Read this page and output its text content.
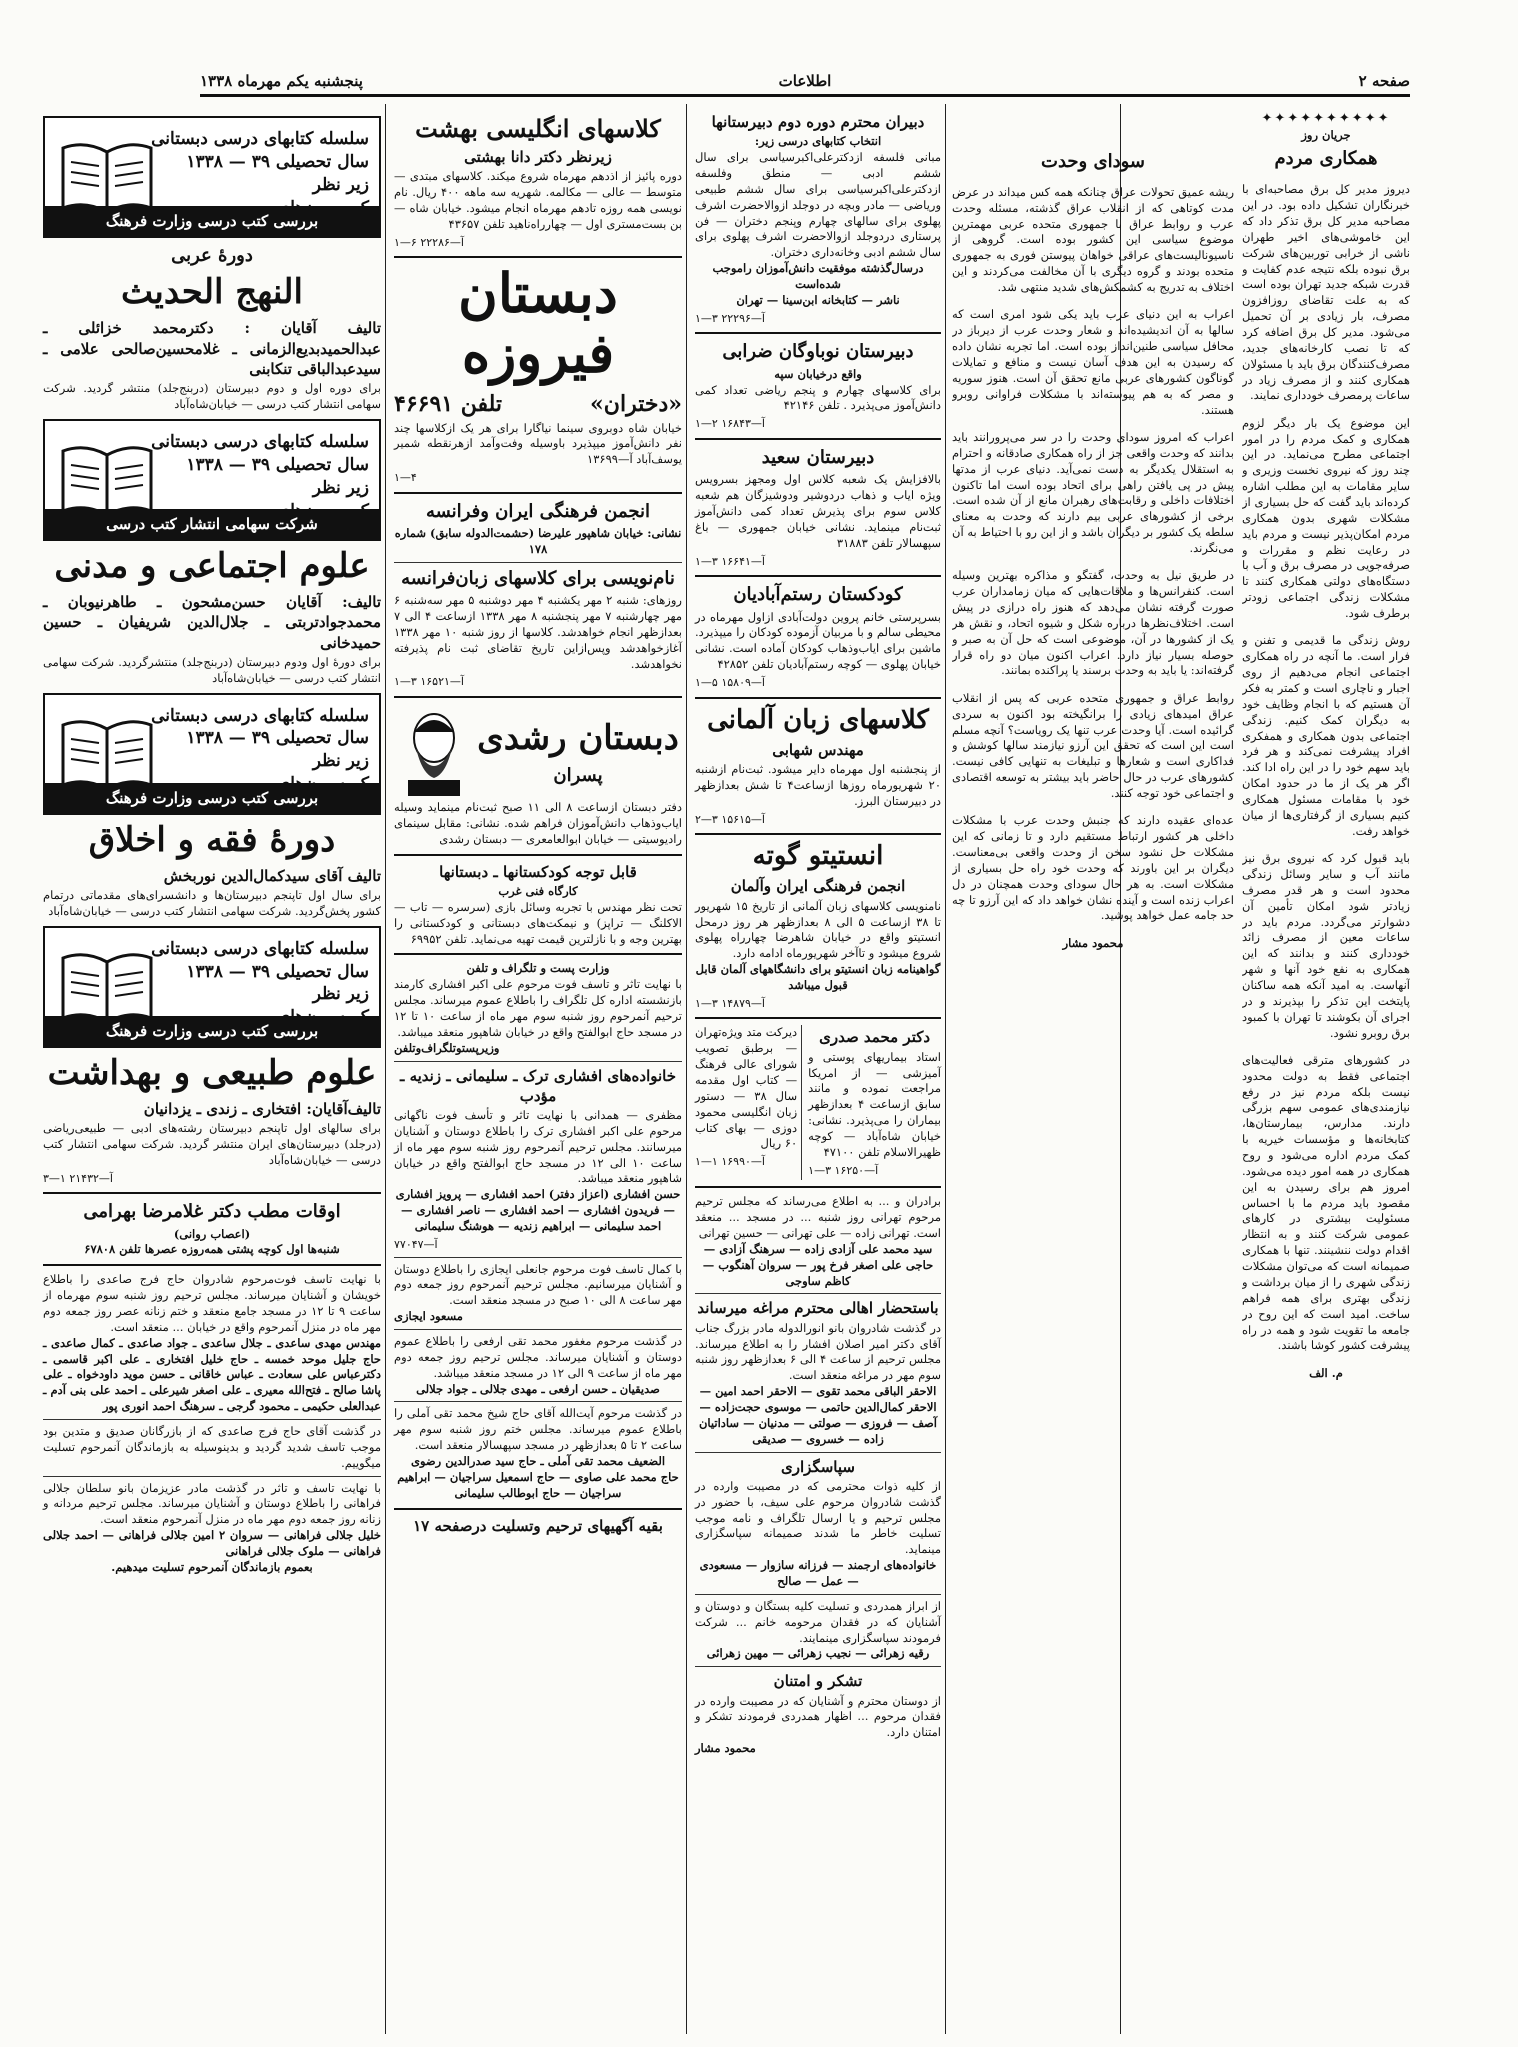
صفحه ۲
اطلاعات
پنجشنبه یکم مهرماه ۱۳۳۸
✦✦✦✦✦✦✦✦✦✦
جریان روز
همکاری مردم

دیروز مدیر کل برق مصاحبه‌ای با خبرنگاران تشکیل داده بود. در این مصاحبه مدیر کل برق تذکر داد که این خاموشی‌های اخیر طهران ناشی از خرابی توربین‌های شرکت برق نبوده بلکه نتیجه عدم کفایت و قدرت شبکه جدید تهران بوده است که به علت تقاضای روزافزون مصرف، بار زیادی بر آن تحمیل می‌شود. مدیر کل برق اضافه کرد که تا نصب کارخانه‌های جدید، مصرف‌کنندگان برق باید با مسئولان همکاری کنند و از مصرف زیاد در ساعات پرمصرف خودداری نمایند.

این موضوع یک بار دیگر لزوم همکاری و کمک مردم را در امور اجتماعی مطرح می‌نماید. در این چند روز که نیروی نخست وزیری و سایر مقامات به این مطلب اشاره کرده‌اند باید گفت که حل بسیاری از مشکلات شهری بدون همکاری مردم امکان‌پذیر نیست و مردم باید در رعایت نظم و مقررات و صرفه‌جویی در مصرف برق و آب با دستگاه‌های دولتی همکاری کنند تا مشکلات زندگی اجتماعی زودتر برطرف شود.

روش زندگی ما قدیمی و تفنن و فرار است. ما آنچه در راه همکاری اجتماعی انجام می‌دهیم از روی اجبار و ناچاری است و کمتر به فکر آن هستیم که با انجام وظایف خود به دیگران کمک کنیم. زندگی اجتماعی بدون همکاری و همفکری افراد پیشرفت نمی‌کند و هر فرد باید سهم خود را در این راه ادا کند. اگر هر یک از ما در حدود امکان خود با مقامات مسئول همکاری کنیم بسیاری از گرفتاری‌ها از میان خواهد رفت.

باید قبول کرد که نیروی برق نیز مانند آب و سایر وسائل زندگی محدود است و هر قدر مصرف زیادتر شود امکان تأمین آن دشوارتر می‌گردد. مردم باید در ساعات معین از مصرف زائد خودداری کنند و بدانند که این همکاری به نفع خود آنها و شهر آنهاست. به امید آنکه همه ساکنان پایتخت این تذکر را بپذیرند و در اجرای آن بکوشند تا تهران با کمبود برق روبرو نشود.

در کشورهای مترقی فعالیت‌های اجتماعی فقط به دولت محدود نیست بلکه مردم نیز در رفع نیازمندی‌های عمومی سهم بزرگی دارند. مدارس، بیمارستان‌ها، کتابخانه‌ها و مؤسسات خیریه با کمک مردم اداره می‌شود و روح همکاری در همه امور دیده می‌شود. امروز هم برای رسیدن به این مقصود باید مردم ما با احساس مسئولیت بیشتری در کارهای عمومی شرکت کنند و به انتظار اقدام دولت ننشینند. تنها با همکاری صمیمانه است که می‌توان مشکلات زندگی شهری را از میان برداشت و زندگی بهتری برای همه فراهم ساخت. امید است که این روح در جامعه ما تقویت شود و همه در راه پیشرفت کشور کوشا باشند.

م. الف
سودای وحدت

ریشه عمیق تحولات عراق چنانکه همه کس میداند در عرض مدت کوتاهی که از انقلاب عراق گذشته، مسئله وحدت عرب و روابط عراق با جمهوری متحده عربی مهمترین موضوع سیاسی این کشور بوده است. گروهی از ناسیونالیست‌های عراقی خواهان پیوستن فوری به جمهوری متحده بودند و گروه دیگری با آن مخالفت می‌کردند و این اختلاف به تدریج به کشمکش‌های شدید منتهی شد.

اعراب به این دنیای عرب باید یکی شود امری است که سالها به آن اندیشیده‌اند و شعار وحدت عرب از دیرباز در محافل سیاسی طنین‌انداز بوده است. اما تجربه نشان داده که رسیدن به این هدف آسان نیست و منافع و تمایلات گوناگون کشورهای عربی مانع تحقق آن است. هنوز سوریه و مصر که به هم پیوسته‌اند با مشکلات فراوانی روبرو هستند.

اعراب که امروز سودای وحدت را در سر می‌پرورانند باید بدانند که وحدت واقعی جز از راه همکاری صادقانه و احترام به استقلال یکدیگر به دست نمی‌آید. دنیای عرب از مدتها پیش در پی یافتن راهی برای اتحاد بوده است اما تاکنون اختلافات داخلی و رقابت‌های رهبران مانع از آن شده است. برخی از کشورهای عربی بیم دارند که وحدت به معنای سلطه یک کشور بر دیگران باشد و از این رو با احتیاط به آن می‌نگرند.

در طریق نیل به وحدت، گفتگو و مذاکره بهترین وسیله است. کنفرانس‌ها و ملاقات‌هایی که میان زمامداران عرب صورت گرفته نشان می‌دهد که هنوز راه درازی در پیش است. اختلاف‌نظرها درباره شکل و شیوه اتحاد، و نقش هر یک از کشورها در آن، موضوعی است که حل آن به صبر و حوصله بسیار نیاز دارد. اعراب اکنون میان دو راه قرار گرفته‌اند: یا باید به وحدت برسند یا پراکنده بمانند.

روابط عراق و جمهوری متحده عربی که پس از انقلاب عراق امیدهای زیادی را برانگیخته بود اکنون به سردی گرائیده است. آیا وحدت عرب تنها یک رویاست؟ آنچه مسلم است این است که تحقق این آرزو نیازمند سالها کوشش و فداکاری است و شعارها و تبلیغات به تنهایی کافی نیست. کشورهای عرب در حال حاضر باید بیشتر به توسعه اقتصادی و اجتماعی خود توجه کنند.

عده‌ای عقیده دارند که جنبش وحدت عرب با مشکلات داخلی هر کشور ارتباط مستقیم دارد و تا زمانی که این مشکلات حل نشود سخن از وحدت واقعی بی‌معناست. دیگران بر این باورند که وحدت خود راه حل بسیاری از مشکلات است. به هر حال سودای وحدت همچنان در دل اعراب زنده است و آینده نشان خواهد داد که این آرزو تا چه حد جامه عمل خواهد پوشید.

محمود مشار
دبیران محترم دوره دوم دبیرستانها
انتخاب کتابهای درسی زیر:
مبانی فلسفه ازدکترعلی‌اکبرسیاسی برای سال ششم ادبی — منطق وفلسفه ازدکترعلی‌اکبرسیاسی برای سال ششم طبیعی وریاضی — مادر وبچه در دوجلد ازوالاحضرت اشرف پهلوی برای سالهای چهارم وپنجم دختران — فن پرستاری دردوجلد ازوالاحضرت اشرف پهلوی برای سال ششم ادبی وخانه‌داری دختران.
درسال‌گذشته موفقیت دانش‌آموزان رامو‌جب شده‌است
ناشر — کتابخانه ابن‌سینا — تهران
آ—۲۲۲۹۶ ۳—۱
دبیرستان نوباوگان ضرابی
واقع درخیابان سپه
برای کلاسهای چهارم و پنجم ریاضی تعداد کمی دانش‌آموز می‌پذیرد . تلفن ۴۲۱۴۶
آ—۱۶۸۴۳ ۲—۱
دبیرستان سعید
بالافزایش یک شعبه کلاس اول ومجهز بسرویس ویژه ایاب و ذهاب دردوشیر ودوشیزگان هم شعبه کلاس سوم برای پذیرش تعداد کمی دانش‌آموز ثبت‌نام مینماید. نشانی خیابان جمهوری — باغ سپهسالار تلفن ۳۱۸۸۳
آ—۱۶۶۴۱ ۳—۱
کودکستان رستم‌آبادیان
بسرپرستی خانم پروین دولت‌آبادی ازاول مهرماه در محیطی سالم و با مربیان آزموده کودکان را میپذیرد. ماشین برای ایاب‌وذهاب کودکان آماده است. نشانی خیابان پهلوی — کوچه رستم‌آبادیان تلفن ۴۲۸۵۲
آ—۱۵۸۰۹ ۵—۱
کلاسهای زبان آلمانی
مهندس شهابی
از پنجشنبه اول مهرماه دایر میشود. ثبت‌نام ازشنبه ۲۰ شهریورماه روزها ازساعت۴ تا شش بعدازظهر در دبیرستان البرز.
آ—۱۵۶۱۵ ۳—۲
انستیتو گوته
انجمن فرهنگی ایران وآلمان
نامنویسی کلاسهای زبان آلمانی از تاریخ ۱۵ شهریور تا ۳۸ ازساعت ۵ الی ۸ بعدازظهر هر روز درمحل انستیتو واقع در خیابان شاهرضا چهارراه پهلوی شروع میشود و تاآخر شهریورماه ادامه دارد.
گواهینامه زبان انستیتو برای دانشگاههای آلمان قابل قبول میباشد
آ—۱۴۸۷۹ ۳—۱
دکتر محمد صدری
استاد بیماریهای پوستی و آمیزشی — از امریکا مراجعت نموده و مانند سابق ازساعت ۴ بعدازظهر بیماران را می‌پذیرد. نشانی: خیابان شاه‌آباد — کوچه ظهیرالاسلام تلفن ۴۷۱۰۰
آ—۱۶۲۵۰ ۳—۱
دیرکت متد ویژه‌تهران — برطبق تصویب شورای عالی فرهنگ — کتاب اول مقدمه سال ۳۸ — دستور زبان انگلیسی محمود دوزی — بهای کتاب ۶۰ ریال
آ—۱۶۹۹۰ ۱—۱
برادران و ... به اطلاع می‌رساند که مجلس ترحیم مرحوم تهرانی روز شنبه ... در مسجد ... منعقد است. تهرانی زاده — علی تهرانی — حسین تهرانی
سید محمد علی آزادی زاده — سرهنگ آزادی — حاجی علی اصغر فرخ پور — سروان آهنگوب — کاظم ساوجی
باستحضار اهالی محترم مراغه میرساند
در گذشت شادروان بانو انورالدوله مادر بزرگ جناب آقای دکتر امیر اصلان افشار را به اطلاع میرساند. مجلس ترحیم از ساعت ۴ الی ۶ بعدازظهر روز شنبه سوم مهر در مراغه منعقد است.
الاحقر الباقی محمد تقوی — الاحقر احمد امین — الاحقر کمال‌الدین حاتمی — موسوی حجت‌زاده — آصف — فروزی — صولتی — مدنیان — ساداتیان زاده — خسروی — صدیقی
سپاسگزاری
از کلیه ذوات محترمی که در مصیبت وارده در گذشت شادروان مرحوم علی سیف، با حضور در مجلس ترحیم و یا ارسال تلگراف و نامه موجب تسلیت خاطر ما شدند صمیمانه سپاسگزاری مینماید.
خانواده‌های ارجمند — فرزانه سازوار — مسعودی — عمل — صالح
از ابراز همدردی و تسلیت کلیه بستگان و دوستان و آشنایان که در فقدان مرحومه خانم ... شرکت فرمودند سپاسگزاری مینمایند.
رقیه زهرائی — نجیب زهرائی — مهین زهرائی
تشکر و امتنان
از دوستان محترم و آشنایان که در مصیبت وارده در فقدان مرحوم ... اظهار همدردی فرمودند تشکر و امتنان دارد.
محمود مشار
کلاسهای انگلیسی بهشت
زیرنظر دکتر دانا بهشتی
دوره پائیز از اذدهم مهرماه شروع میکند. کلاسهای مبتدی — متوسط — عالی — مکالمه. شهریه سه ماهه ۴۰۰ ریال. نام نویسی همه روزه تادهم مهرماه انجام میشود. خیابان شاه — بن بست‌مستری اول — چهارراه‌ناهید تلفن ۴۳۶۵۷
آ—۲۲۲۸۶ ۶—۱
دبستان فیروزه
«دختران»
تلفن ۴۶۶۹۱
خیابان شاه دوبروی سینما نیاگارا برای هر یک ازکلاسها چند نفر دانش‌آموز میپذیرد باوسیله وفت‌وآمد ازهرنقطه شمیر یوسف‌آباد آ—۱۳۶۹۹
۱—۴
انجمن فرهنگی ایران وفرانسه
نشانی: خیابان شاهپور علیرضا (حشمت‌الدوله سابق) شماره ۱۷۸
نام‌نویسی برای کلاسهای زبان‌فرانسه
روزهای: شنبه ۲ مهر یکشنبه ۴ مهر دوشنبه ۵ مهر سه‌شنبه ۶ مهر چهارشنبه ۷ مهر پنجشنبه ۸ مهر ۱۳۳۸ ازساعت ۴ الی ۷ بعدازظهر انجام خواهدشد. کلاسها از روز شنبه ۱۰ مهر ۱۳۳۸ آغازخواهدشد وپس‌ازاین تاریخ تقاضای ثبت نام پذیرفته نخواهد‌شد.
آ—۱۶۵۲۱ ۳—۱
دبستان رشدی
پسران
دفتر دبستان ازساعت ۸ الی ۱۱ صبح ثبت‌نام مینماید وسیله ایاب‌وذهاب دانش‌آموزان فراهم شده. نشانی: مقابل سینمای رادیوسیتی — خیابان ابوالعامعری — دبستان رشدی
قابل توجه کودکستانها ـ دبستانها
کارگاه فنی غرب
تحت نظر مهندس با تجربه وسائل بازی (سرسره — تاب — الاکلنگ — تراپز) و نیمکت‌های دبستانی و کودکستانی را بهترین وجه و با نازلترین قیمت تهیه می‌نماید. تلفن ۶۹۹۵۲
وزارت پست و تلگراف و تلفن
با نهایت تاثر و تاسف فوت مرحوم علی اکبر افشاری کارمند بازنشسته اداره کل تلگراف را باطلاع عموم میرساند. مجلس ترحیم آنمرحوم روز شنبه سوم مهر ماه از ساعت ۱۰ تا ۱۲ در مسجد حاج ابوالفتح واقع در خیابان شاهپور منعقد میباشد.
وزیرپستوتلگراف‌وتلفن
خانواده‌های افشاری ترک ـ سلیمانی ـ زندیه ـ مؤدب
مظفری — همدانی با نهایت تاثر و تأسف فوت ناگهانی مرحوم علی اکبر افشاری ترک را باطلاع دوستان و آشنایان میرسانند. مجلس ترحیم آنمرحوم روز شنبه سوم مهر ماه از ساعت ۱۰ الی ۱۲ در مسجد حاج ابوالفتح واقع در خیابان شاهپور منعقد میباشد.
حسن افشاری (اعزاز دفتر) احمد افشاری — پرویز افشاری — فریدون افشاری — احمد افشاری — ناصر افشاری — احمد سلیمانی — ابراهیم زندیه — هوشنگ سلیمانی
آ—۷۷۰۴۷
با کمال تاسف فوت مرحوم جانعلی ایجازی را باطلاع دوستان و آشنایان میرسانیم. مجلس ترحیم آنمرحوم روز جمعه دوم مهر ساعت ۸ الی ۱۰ صبح در مسجد منعقد است.
مسعود ایجازی
در گذشت مرحوم مغفور محمد تقی ارفعی را باطلاع عموم دوستان و آشنایان میرساند. مجلس ترحیم روز جمعه دوم مهر ماه از ساعت ۹ الی ۱۲ در مسجد منعقد میباشد.
صدیقیان ـ حسن ارفعی ـ مهدی جلالی ـ جواد جلالی
در گذشت مرحوم آیت‌الله آقای حاج شیخ محمد تقی آملی را باطلاع عموم میرساند. مجلس ختم روز شنبه سوم مهر ساعت ۲ تا ۵ بعدازظهر در مسجد سپهسالار منعقد است.
الضعیف محمد تقی آملی ـ حاج سید صدرالدین رضوی
حاج محمد علی صاوی — حاج اسمعیل سراجیان — ابراهیم سراجیان — حاج ابوطالب سلیمانی
بقیه آگهیهای ترحیم وتسلیت درصفحه ۱۷
سلسله کتابهای درسی دبستانی
سال تحصیلی ۳۹ — ۱۳۳۸
زیر نظر
بررسی کتب درسی وزارت فرهنگ
دورهٔ عربی
النهج الحدیث
تالیف آقایان : دکترمحمد خزائلی ـ عبدالحمیدبدیع‌الزمانی ـ غلامحسین‌صالحی علامی ـ سیدعبدالباقی تنکابنی
برای دوره اول و دوم دبیرستان (دربنج‌جلد) منتشر گردید. شرکت سهامی انتشار کتب درسی — خیابان‌شاه‌آباد
سلسله کتابهای درسی دبستانی
سال تحصیلی ۳۹ — ۱۳۳۸
زیر نظر
شرکت سهامی انتشار کتب درسی
علوم اجتماعی و مدنی
تالیف: آقایان حسن‌مشحون ـ طاهرنیوبان ـ محمدجوادتربتی ـ جلال‌الدین شریفیان ـ حسین حمیدخانی
برای دورهٔ اول ودوم دبیرستان (دربنج‌جلد) منتشرگردید. شرکت سهامی انتشار کتب درسی — خیابان‌شاه‌آباد
سلسله کتابهای درسی دبستانی
سال تحصیلی ۳۹ — ۱۳۳۸
زیر نظر
بررسی کتب درسی وزارت فرهنگ
دورهٔ فقه و اخلاق
تالیف آقای سیدکمال‌الدین نوربخش
برای سال اول تاپنجم دبیرستان‌ها و دانشسرای‌های مقدماتی درتمام کشور پخش‌گردید. شرکت سهامی انتشار کتب درسی — خیابان‌شاه‌آباد
سلسله کتابهای درسی دبستانی
سال تحصیلی ۳۹ — ۱۳۳۸
زیر نظر
بررسی کتب درسی وزارت فرهنگ
علوم طبیعی و بهداشت
تالیف‌آقایان: افتخاری ـ زندی ـ یزدانیان
برای سالهای اول تاپنجم دبیرستان رشته‌های ادبی — طبیعی‌ریاضی (درجلد) دبیرستان‌های ایران منتشر گردید. شرکت سهامی انتشار کتب درسی — خیابان‌شاه‌آباد
آ—۲۱۴۳۲ ۱—۳
اوقات مطب دکتر غلامرضا بهرامی
(اعصاب روانی)
شنبه‌ها اول کوچه‌ پشتی همه‌روزه عصرها تلفن ۶۷۸۰۸
با نهایت تاسف فوت‌مرحوم شادروان حاج فرج صاعدی را باطلاع خویشان و آشنایان میرساند. مجلس ترحیم روز شنبه سوم مهرماه از ساعت ۹ تا ۱۲ در مسجد جامع منعقد و ختم زنانه عصر روز جمعه دوم مهر ماه در منزل آنمرحوم واقع در خیابان ... منعقد است.
مهندس مهدی ساعدی ـ جلال ساعدی ـ جواد صاعدی ـ کمال صاعدی ـ حاج جلیل موحد خمسه ـ حاج خلیل افتخاری ـ علی اکبر قاسمی ـ دکترعباس علی سعادت ـ عباس خاقانی ـ حسن موید داودخواه ـ علی پاشا صالح ـ فتح‌الله معیری ـ علی اصغر شیرعلی ـ احمد علی بنی آدم ـ عبدالعلی حکیمی ـ محمود گرجی ـ سرهنگ احمد انوری پور
در گذشت آقای حاج فرج صاعدی که از بازرگانان صدیق و متدین بود موجب تاسف شدید گردید و بدینوسیله به بازماندگان آنمرحوم تسلیت میگوییم.
با نهایت تاسف و تاثر در گذشت مادر عزیزمان بانو سلطان جلالی فراهانی را باطلاع دوستان و آشنایان میرساند. مجلس ترحیم مردانه و زنانه روز جمعه دوم مهر ماه در منزل آنمرحوم منعقد است.
خلیل جلالی فراهانی — سروان ۲ امین جلالی فراهانی — احمد جلالی فراهانی — ملوک جلالی فراهانی
بعموم بازماندگان آنمرحوم تسلیت میدهیم.
